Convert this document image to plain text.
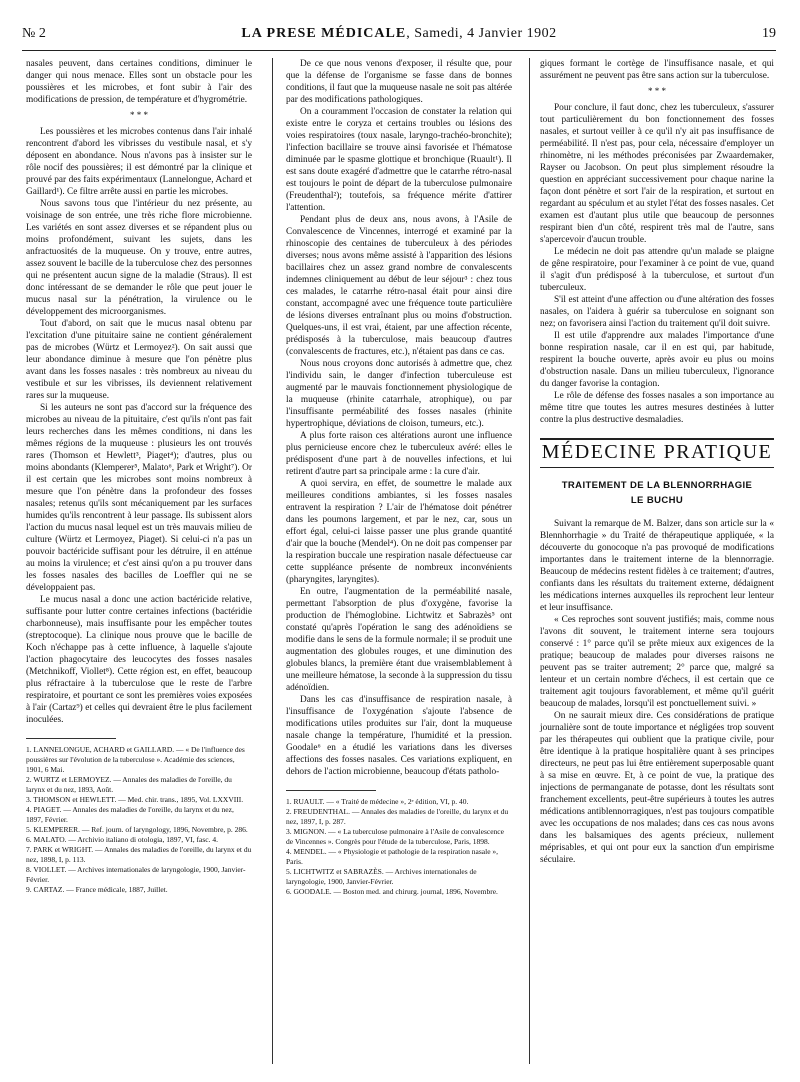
№ 2	LA PRESE MÉDICALE, Samedi, 4 Janvier 1902	19

nasales peuvent, dans certaines conditions, diminuer le danger qui nous menace. Elles sont un obstacle pour les poussières et les microbes, et font subir à l'air des modifications de pression, de température et d'hygrométrie.

* * *

Les poussières et les microbes contenus dans l'air inhalé rencontrent d'abord les vibrisses du vestibule nasal, et s'y déposent en abondance. Nous n'avons pas à insister sur le rôle nocif des poussières; il est démontré par la clinique et prouvé par des faits expérimentaux (Lannelongue, Achard et Gaillard¹). Ce filtre arrête aussi en partie les microbes.

Nous savons tous que l'intérieur du nez présente, au voisinage de son entrée, une très riche flore microbienne. Les variétés en sont assez diverses et se répandent plus ou moins profondément, suivant les sujets, dans les anfractuosités de la muqueuse. On y trouve, entre autres, assez souvent le bacille de la tuberculose chez des personnes qui ne présentent aucun signe de la maladie (Straus). Il est donc intéressant de se demander le rôle que peut jouer le mucus nasal sur la pénétration, la virulence ou le développement des microorganismes.

Tout d'abord, on sait que le mucus nasal obtenu par l'excitation d'une pituitaire saine ne contient généralement pas de microbes (Würtz et Lermoyez²). On sait aussi que leur abondance diminue à mesure que l'on pénètre plus avant dans les fosses nasales : très nombreux au niveau du vestibule et sur les vibrisses, ils deviennent relativement rares sur la muqueuse.

Si les auteurs ne sont pas d'accord sur la fréquence des microbes au niveau de la pituitaire, c'est qu'ils n'ont pas fait leurs recherches dans les mêmes conditions, ni dans les mêmes régions de la muqueuse : plusieurs les ont trouvés rares (Thomson et Hewlett³, Piaget⁴); d'autres, plus ou moins abondants (Klemperer⁵, Malato⁶, Park et Wright⁷). Or il est certain que les microbes sont moins nombreux à mesure que l'on pénètre dans la profondeur des fosses nasales; retenus qu'ils sont mécaniquement par les surfaces humides qu'ils rencontrent à leur passage. Ils subissent alors l'action du mucus nasal lequel est un très mauvais milieu de culture (Würtz et Lermoyez, Piaget). Si celui-ci n'a pas un pouvoir bactéricide suffisant pour les détruire, il en atténue au moins la virulence; et c'est ainsi qu'on a pu trouver dans les fosses nasales des bacilles de Loeffler qui ne se développaient pas.

Le mucus nasal a donc une action bactéricide relative, suffisante pour lutter contre certaines infections (bactéridie charbonneuse), mais insuffisante pour les empêcher toutes (streptocoque). La clinique nous prouve que le bacille de Koch n'échappe pas à cette influence, à laquelle s'ajoute l'action phagocytaire des leucocytes des fosses nasales (Metchnikoff, Viollet⁸). Cette région est, en effet, beaucoup plus réfractaire à la tuberculose que le reste de l'arbre respiratoire, et pourtant ce sont les premières voies exposées à l'air (Cartaz⁹) et celles qui devraient être le plus facilement inoculées.

1. LANNELONGUE, ACHARD et GAILLARD. — « De l'influence des poussières sur l'évolution de la tuberculose ». Académie des sciences, 1901, 6 Mai.

2. WURTZ et LERMOYEZ. — Annales des maladies de l'oreille, du larynx et du nez, 1893, Août.

3. THOMSON et HEWLETT. — Med. chir. trans., 1895, Vol. LXXVIII.

4. PIAGET. — Annales des maladies de l'oreille, du larynx et du nez, 1897, Février.

5. KLEMPERER. — Ref. journ. of laryngology, 1896, Novembre, p. 286.

6. MALATO. — Archivio italiano di otologia, 1897, VI, fasc. 4.

7. PARK et WRIGHT. — Annales des maladies de l'oreille, du larynx et du nez, 1898, I, p. 113.

8. VIOLLET. — Archives internationales de laryngologie, 1900, Janvier-Février.

9. CARTAZ. — France médicale, 1887, Juillet.

De ce que nous venons d'exposer, il résulte que, pour que la défense de l'organisme se fasse dans de bonnes conditions, il faut que la muqueuse nasale ne soit pas altérée par des modifications pathologiques.

On a couramment l'occasion de constater la relation qui existe entre le coryza et certains troubles ou lésions des voies respiratoires (toux nasale, laryngo-trachéo-bronchite); l'infection bacillaire se trouve ainsi favorisée et l'hématose diminuée par le spasme glottique et bronchique (Ruault¹). Il est sans doute exagéré d'admettre que le catarrhe rétro-nasal est toujours le point de départ de la tuberculose pulmonaire (Freudenthal²); toutefois, sa fréquence mérite d'attirer l'attention.

Pendant plus de deux ans, nous avons, à l'Asile de Convalescence de Vincennes, interrogé et examiné par la rhinoscopie des centaines de tuberculeux à des périodes diverses; nous avons même assisté à l'apparition des lésions bacillaires chez un assez grand nombre de convalescents indemnes cliniquement au début de leur séjour³ : chez tous ces malades, le catarrhe rétro-nasal était pour ainsi dire constant, accompagné avec une fréquence toute particulière de lésions diverses entraînant plus ou moins d'obstruction. Quelques-uns, il est vrai, étaient, par une affection récente, prédisposés à la tuberculose, mais beaucoup d'autres (convalescents de fractures, etc.), n'étaient pas dans ce cas.

Nous nous croyons donc autorisés à admettre que, chez l'individu sain, le danger d'infection tuberculeuse est augmenté par le mauvais fonctionnement physiologique de la muqueuse (rhinite catarrhale, atrophique), ou par l'insuffisante perméabilité des fosses nasales (rhinite hypertrophique, déviations de cloison, tumeurs, etc.).

A plus forte raison ces altérations auront une influence plus pernicieuse encore chez le tuberculeux avéré: elles le prédisposent d'une part à de nouvelles infections, et lui retirent d'autre part sa principale arme : la cure d'air.

A quoi servira, en effet, de soumettre le malade aux meilleures conditions ambiantes, si les fosses nasales entravent la respiration ? L'air de l'hématose doit pénétrer dans les poumons largement, et par le nez, car, sous un effort égal, celui-ci laisse passer une plus grande quantité d'air que la bouche (Mendel⁴). On ne doit pas compenser par la respiration buccale une respiration nasale défectueuse car cette suppléance présente de nombreux inconvénients (pharyngites, laryngites).

En outre, l'augmentation de la perméabilité nasale, permettant l'absorption de plus d'oxygène, favorise la production de l'hémoglobine. Lichtwitz et Sabrazès⁵ ont constaté qu'après l'opération le sang des adénoïdiens se modifie dans le sens de la formule normale; il se produit une augmentation des globules rouges, et une diminution des globules blancs, la première étant due vraisemblablement à une meilleure hématose, la seconde à la suppression du tissu adénoïdien.

Dans les cas d'insuffisance de respiration nasale, à l'insuffisance de l'oxygénation s'ajoute l'absence de modifications utiles produites sur l'air, dont la muqueuse nasale change la température, l'humidité et la pression. Goodale⁶ en a étudié les variations dans les diverses affections des fosses nasales. Ces variations expliquent, en dehors de l'action microbienne, beaucoup d'états patholo-

1. RUAULT. — « Traité de médecine », 2ᵉ édition, VI, p. 40.

2. FREUDENTHAL. — Annales des maladies de l'oreille, du larynx et du nez, 1897, I, p. 287.

3. MIGNON. — « La tuberculose pulmonaire à l'Asile de convalescence de Vincennes ». Congrès pour l'étude de la tuberculose, Paris, 1898.

4. MENDEL. — « Physiologie et pathologie de la respiration nasale », Paris.

5. LICHTWITZ et SABRAZÈS. — Archives internationales de laryngologie, 1900, Janvier-Février.

6. GOODALE. — Boston med. and chirurg. journal, 1896, Novembre.

giques formant le cortège de l'insuffisance nasale, et qui assurément ne peuvent pas être sans action sur la tuberculose.

* * *

Pour conclure, il faut donc, chez les tuberculeux, s'assurer tout particulièrement du bon fonctionnement des fosses nasales, et surtout veiller à ce qu'il n'y ait pas insuffisance de perméabilité. Il n'est pas, pour cela, nécessaire d'employer un rhinomètre, ni les méthodes préconisées par Zwaardemaker, Rayser ou Jacobson. On peut plus simplement résoudre la question en appréciant successivement pour chaque narine la façon dont pénètre et sort l'air de la respiration, et surtout en regardant au spéculum et au stylet l'état des fosses nasales. Cet examen est d'autant plus utile que beaucoup de personnes respirant bien d'un côté, respirent très mal de l'autre, sans s'apercevoir d'aucun trouble.

Le médecin ne doit pas attendre qu'un malade se plaigne de gêne respiratoire, pour l'examiner à ce point de vue, quand il s'agit d'un prédisposé à la tuberculose, et surtout d'un tuberculeux.

S'il est atteint d'une affection ou d'une altération des fosses nasales, on l'aidera à guérir sa tuberculose en soignant son nez; on favorisera ainsi l'action du traitement qu'il doit suivre.

Il est utile d'apprendre aux malades l'importance d'une bonne respiration nasale, car il en est qui, par habitude, respirent la bouche ouverte, après avoir eu plus ou moins d'obstruction nasale. Dans un milieu tuberculeux, l'ignorance du danger favorise la contagion.

Le rôle de défense des fosses nasales a son importance au même titre que toutes les autres mesures destinées à lutter contre la plus destructive desmaladies.

MÉDECINE PRATIQUE
TRAITEMENT DE LA BLENNORRHAGIE
LE BUCHU

Suivant la remarque de M. Balzer, dans son article sur la « Blennhorrhagie » du Traité de thérapeutique appliquée, « la découverte du gonocoque n'a pas provoqué de modifications importantes dans le traitement interne de la blennorragie. Beaucoup de médecins restent fidèles à ce traitement; d'autres, confiants dans les résultats du traitement externe, dédaignent les médications internes auxquelles ils reprochent leur lenteur et leur insuffisance.

« Ces reproches sont souvent justifiés; mais, comme nous l'avons dit souvent, le traitement interne sera toujours conservé : 1° parce qu'il se prête mieux aux exigences de la pratique; beaucoup de malades pour diverses raisons ne peuvent pas se traiter autrement; 2° parce que, malgré sa lenteur et un certain nombre d'échecs, il est certain que ce traitement agit toujours favorablement, et même qu'il guérit beaucoup de malades, lorsqu'il est ponctuellement suivi. »

On ne saurait mieux dire. Ces considérations de pratique journalière sont de toute importance et négligées trop souvent par les thérapeutes qui oublient que la pratique civile, pour être identique à la pratique hospitalière quant à ses principes directeurs, ne peut pas lui être entièrement superposable quant à sa mise en œuvre. Et, à ce point de vue, la pratique des injections de permanganate de potasse, dont les résultats sont franchement excellents, peut-être supérieurs à toutes les autres médications antiblennorragiques, n'est pas toujours compatible avec les occupations de nos malades; dans ces cas nous avons dans les balsamiques des agents précieux, nullement méprisables, et qui ont pour eux la sanction d'un empirisme séculaire.
